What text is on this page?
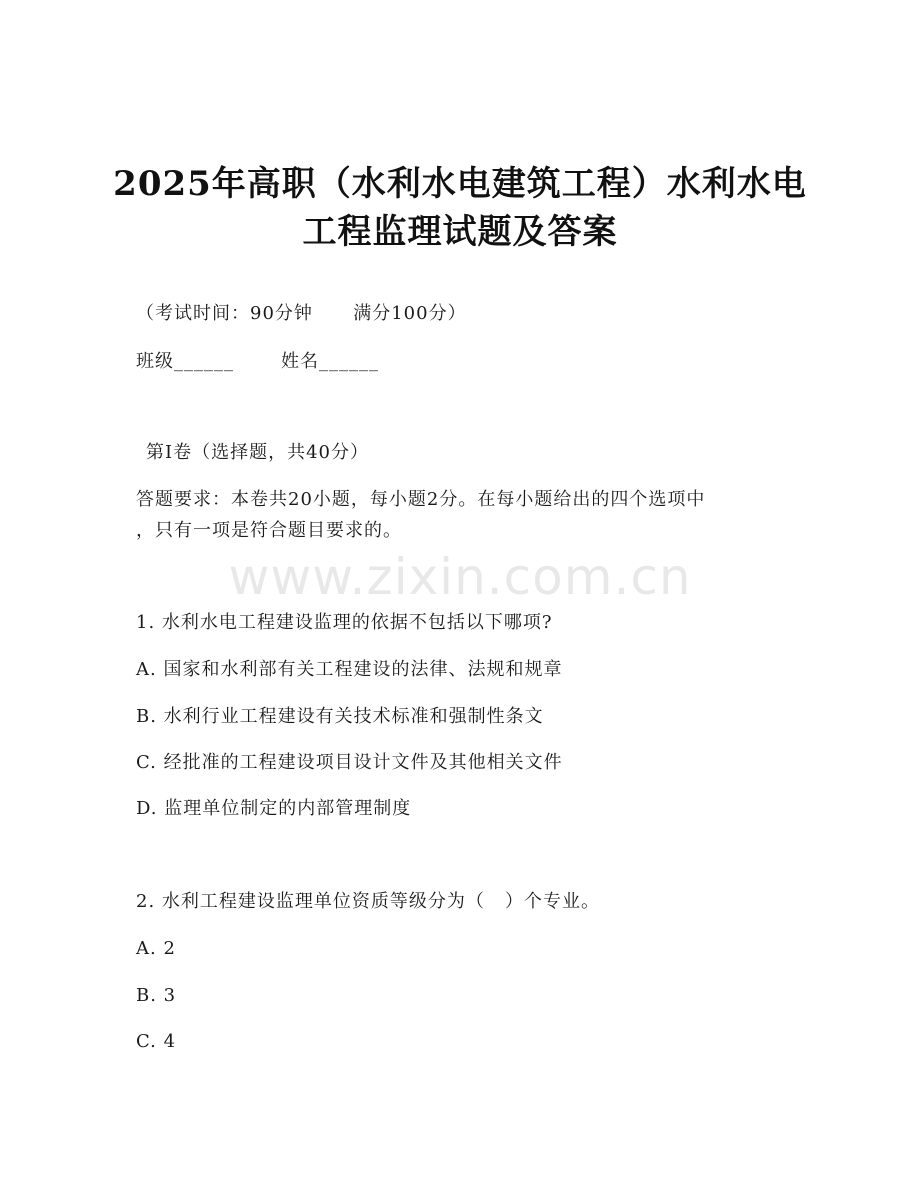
2025年高职（水利水电建筑工程）水利水电
工程监理试题及答案
（考试时间：90分钟      满分100分）
班级______       姓名______
第I卷（选择题，共40分）
答题要求：本卷共20小题，每小题2分。在每小题给出的四个选项中
，只有一项是符合题目要求的。
www.zixin.com.cn
1. 水利水电工程建设监理的依据不包括以下哪项?
A. 国家和水利部有关工程建设的法律、法规和规章
B. 水利行业工程建设有关技术标准和强制性条文
C. 经批准的工程建设项目设计文件及其他相关文件
D. 监理单位制定的内部管理制度
2. 水利工程建设监理单位资质等级分为（   ）个专业。
A. 2
B. 3
C. 4
